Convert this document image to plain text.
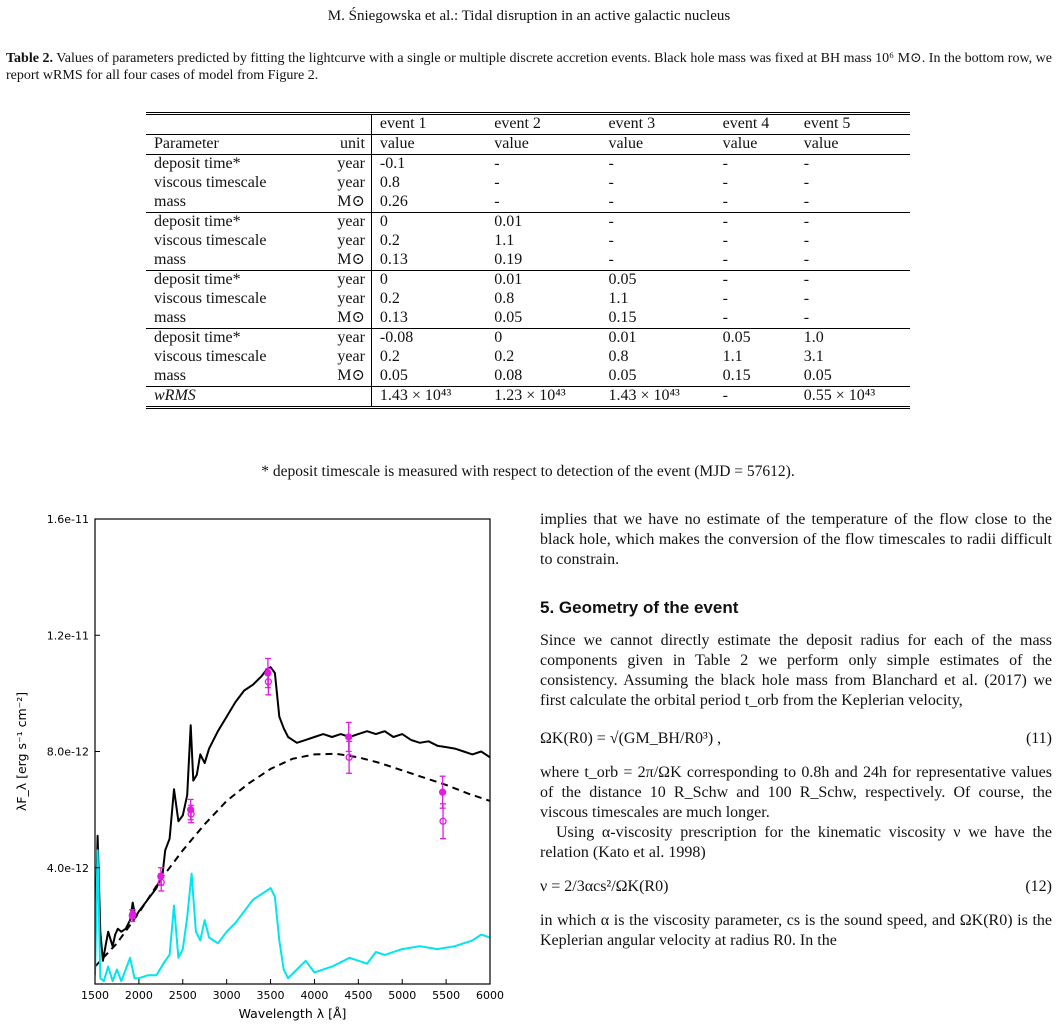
M. Śniegowska et al.: Tidal disruption in an active galactic nucleus
Table 2. Values of parameters predicted by fitting the lightcurve with a single or multiple discrete accretion events. Black hole mass was fixed at BH mass 10⁶ M⊙. In the bottom row, we report wRMS for all four cases of model from Figure 2.
		event 1	event 2	event 3	event 4	event 5
Parameter	unit	value	value	value	value	value
deposit time*	year	-0.1	-	-	-	-
viscous timescale	year	0.8	-	-	-	-
mass	M⊙	0.26	-	-	-	-
deposit time*	year	0	0.01	-	-	-
viscous timescale	year	0.2	1.1	-	-	-
mass	M⊙	0.13	0.19	-	-	-
deposit time*	year	0	0.01	0.05	-	-
viscous timescale	year	0.2	0.8	1.1	-	-
mass	M⊙	0.13	0.05	0.15	-	-
deposit time*	year	-0.08	0	0.01	0.05	1.0
viscous timescale	year	0.2	0.2	0.8	1.1	3.1
mass	M⊙	0.05	0.08	0.05	0.15	0.05
wRMS		1.43 × 10⁴³	1.23 × 10⁴³	1.43 × 10⁴³	-	0.55 × 10⁴³
* deposit timescale is measured with respect to detection of the event (MJD = 57612).
1500 2000 2500 3000 3500 4000 4500 5000 5500 6000
4.0e-12
8.0e-12
1.2e-11
1.6e-11
Wavelength λ [Å]
λF_λ [erg s⁻¹ cm⁻²]

implies that we have no estimate of the temperature of the flow close to the black hole, which makes the conversion of the flow timescales to radii difficult to constrain.

5. Geometry of the event

Since we cannot directly estimate the deposit radius for each of the mass components given in Table 2 we perform only simple estimates of the consistency. Assuming the black hole mass from Blanchard et al. (2017) we first calculate the orbital period t_orb from the Keplerian velocity,

ΩK(R0) = √(GM_BH/R0³) ,	(11)

where t_orb = 2π/ΩK corresponding to 0.8h and 24h for representative values of the distance 10 R_Schw and 100 R_Schw, respectively. Of course, the viscous timescales are much longer.

Using α-viscosity prescription for the kinematic viscosity ν we have the relation (Kato et al. 1998)

ν = 2/3αcs²/ΩK(R0)	(12)

in which α is the viscosity parameter, cs is the sound speed, and ΩK(R0) is the Keplerian angular velocity at radius R0. In the
